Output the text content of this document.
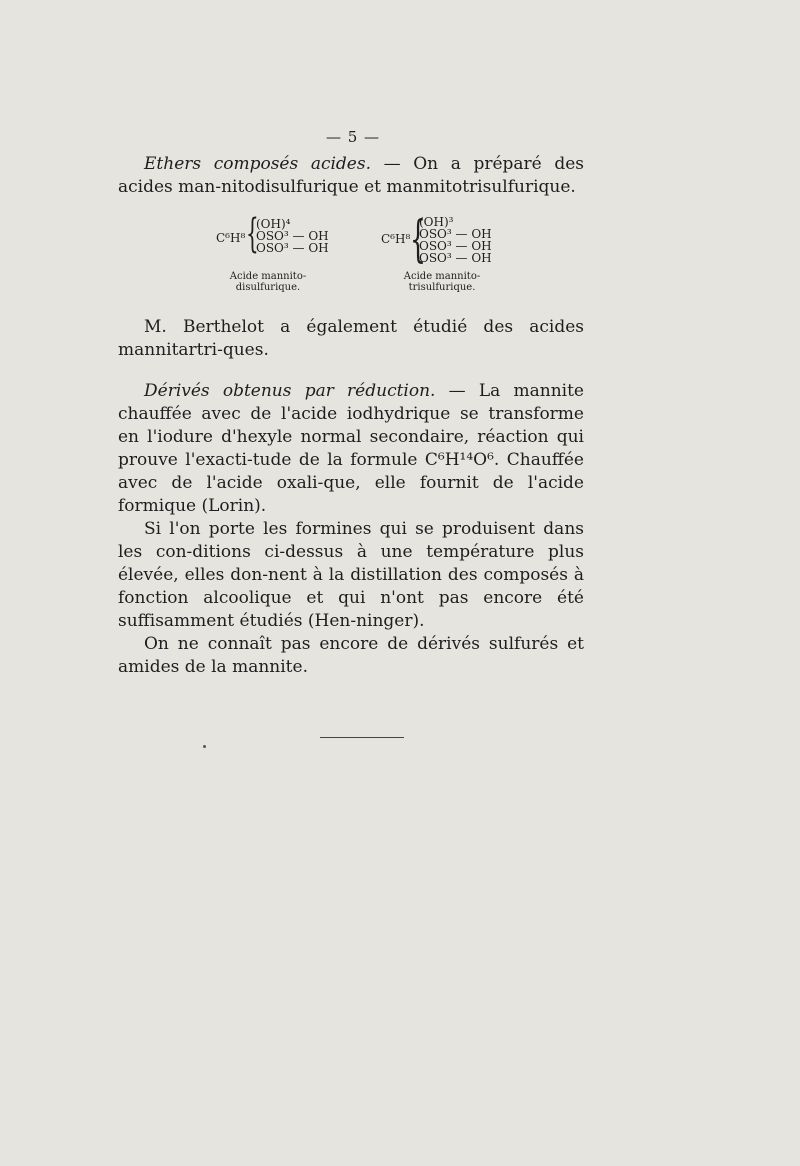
— 5 —

Ethers composés acides. — On a préparé des acides man-nitodisulfurique et manmitotrisulfurique.

C⁶H⁸ {
(OH)⁴
OSO³ — OH
OSO³ — OH
Acide mannito-disulfurique.
C⁶H⁸ {
(OH)³
OSO³ — OH
OSO³ — OH
OSO³ — OH
Acide mannito-trisulfurique.

M. Berthelot a également étudié des acides mannitartri-ques.

Dérivés obtenus par réduction. — La mannite chauffée avec de l'acide iodhydrique se transforme en l'iodure d'hexyle normal secondaire, réaction qui prouve l'exacti-tude de la formule C⁶H¹⁴O⁶. Chauffée avec de l'acide oxali-que, elle fournit de l'acide formique (Lorin).

Si l'on porte les formines qui se produisent dans les con-ditions ci-dessus à une température plus élevée, elles don-nent à la distillation des composés à fonction alcoolique et qui n'ont pas encore été suffisamment étudiés (Hen-ninger).

On ne connaît pas encore de dérivés sulfurés et amides de la mannite.
